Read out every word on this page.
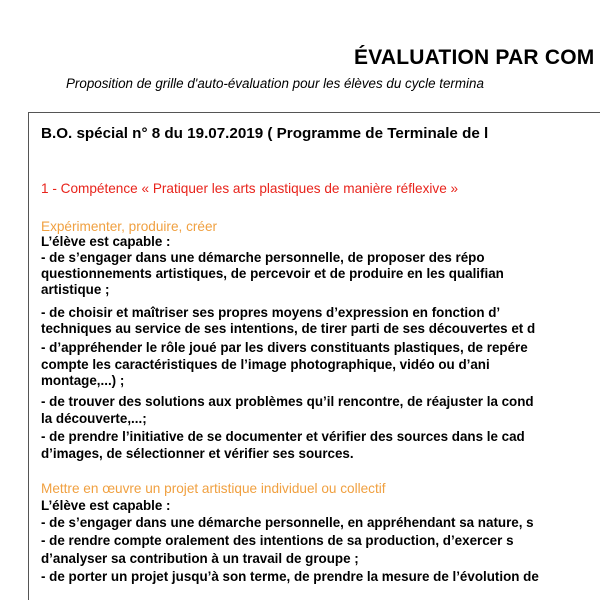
ÉVALUATION PAR COM
Proposition de grille d'auto-évaluation pour les élèves du cycle termina
B.O. spécial n° 8 du 19.07.2019 ( Programme de Terminale de l
1 - Compétence « Pratiquer les arts plastiques de manière réflexive »
Expérimenter, produire, créer
L’élève est capable :
- de s’engager dans une démarche personnelle, de proposer des répo
questionnements artistiques, de percevoir et de produire en les qualifian
artistique ;
- de choisir et maîtriser ses propres moyens d’expression en fonction d’
techniques au service de ses intentions, de tirer parti de ses découvertes et d
- d’appréhender le rôle joué par les divers constituants plastiques, de repére
compte les caractéristiques de l’image photographique, vidéo ou d’ani
montage,...) ;
- de trouver des solutions aux problèmes qu’il rencontre, de réajuster la cond
la découverte,...;
- de prendre l’initiative de se documenter et vérifier des sources dans le cad
d’images, de sélectionner et vérifier ses sources.
Mettre en œuvre un projet artistique individuel ou collectif
L’élève est capable :
- de s’engager dans une démarche personnelle, en appréhendant sa nature, s
- de rendre compte oralement des intentions de sa production, d’exercer s
d’analyser sa contribution à un travail de groupe ;
- de porter un projet jusqu’à son terme, de prendre la mesure de l’évolution de
